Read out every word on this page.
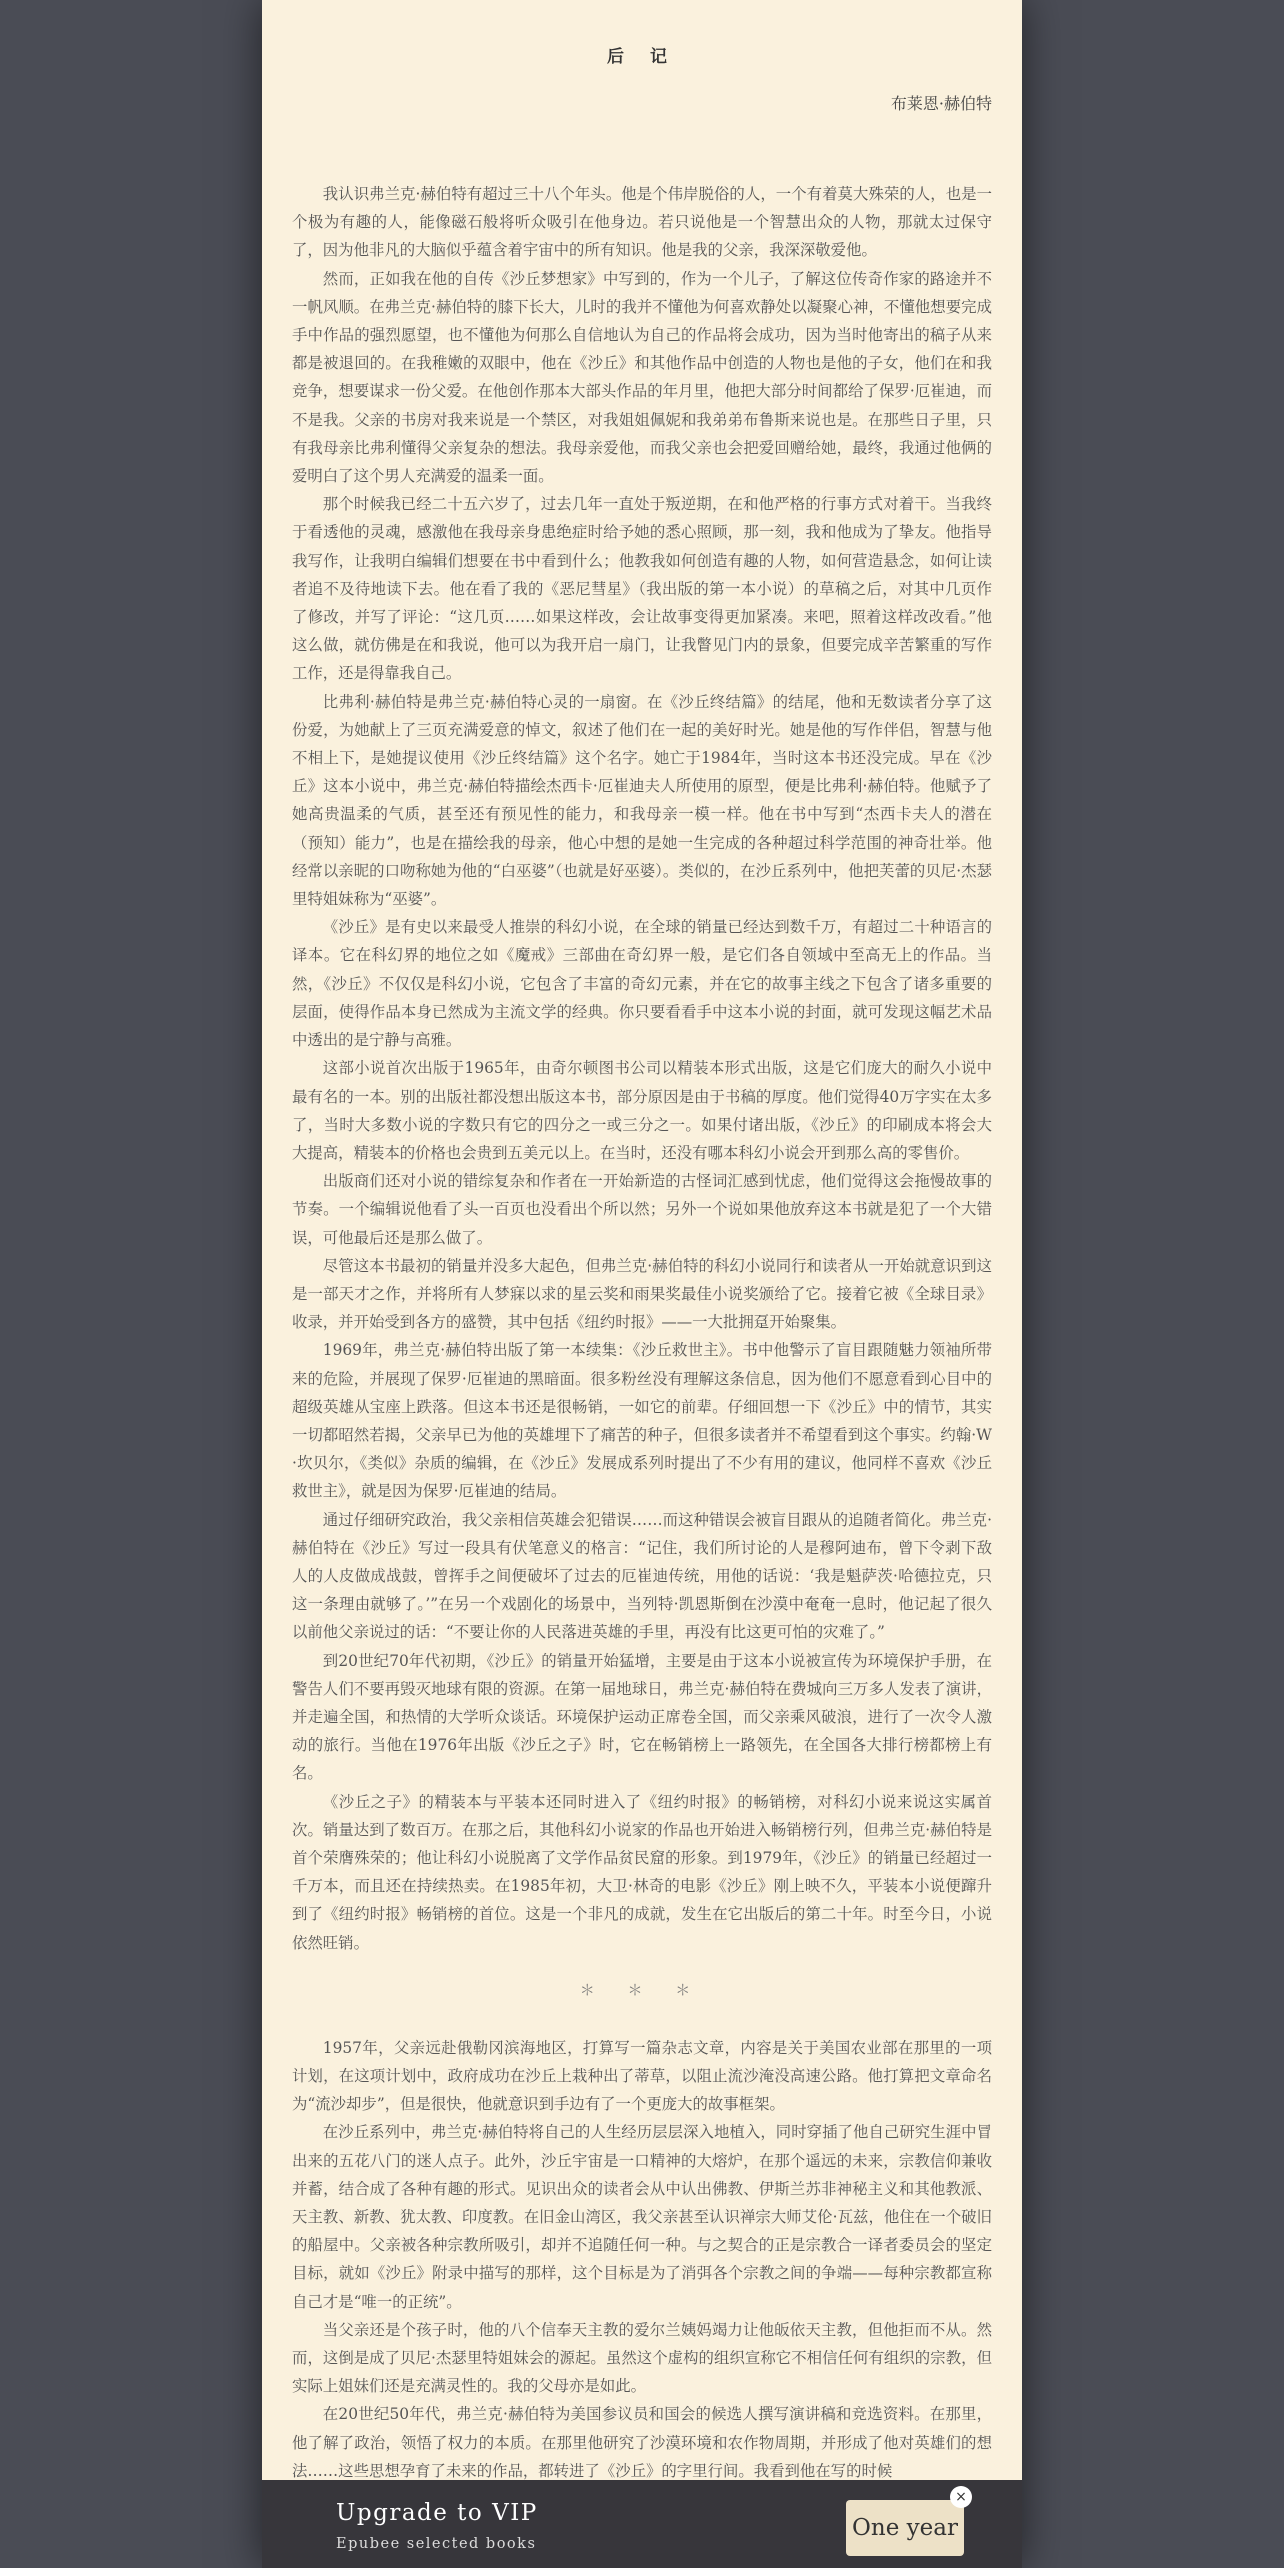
后 记
布莱恩·赫伯特

我认识弗兰克·赫伯特有超过三十八个年头。他是个伟岸脱俗的人，一个有着莫大殊荣的人，也是一个极为有趣的人，能像磁石般将听众吸引在他身边。若只说他是一个智慧出众的人物，那就太过保守了，因为他非凡的大脑似乎蕴含着宇宙中的所有知识。他是我的父亲，我深深敬爱他。

然而，正如我在他的自传《沙丘梦想家》中写到的，作为一个儿子，了解这位传奇作家的路途并不一帆风顺。在弗兰克·赫伯特的膝下长大，儿时的我并不懂他为何喜欢静处以凝聚心神，不懂他想要完成手中作品的强烈愿望，也不懂他为何那么自信地认为自己的作品将会成功，因为当时他寄出的稿子从来都是被退回的。在我稚嫩的双眼中，他在《沙丘》和其他作品中创造的人物也是他的子女，他们在和我竞争，想要谋求一份父爱。在他创作那本大部头作品的年月里，他把大部分时间都给了保罗·厄崔迪，而不是我。父亲的书房对我来说是一个禁区，对我姐姐佩妮和我弟弟布鲁斯来说也是。在那些日子里，只有我母亲比弗利懂得父亲复杂的想法。我母亲爱他，而我父亲也会把爱回赠给她，最终，我通过他俩的爱明白了这个男人充满爱的温柔一面。

那个时候我已经二十五六岁了，过去几年一直处于叛逆期，在和他严格的行事方式对着干。当我终于看透他的灵魂，感激他在我母亲身患绝症时给予她的悉心照顾，那一刻，我和他成为了挚友。他指导我写作，让我明白编辑们想要在书中看到什么；他教我如何创造有趣的人物，如何营造悬念，如何让读者追不及待地读下去。他在看了我的《恶尼彗星》（我出版的第一本小说）的草稿之后，对其中几页作了修改，并写了评论：“这几页……如果这样改，会让故事变得更加紧凑。来吧，照着这样改改看。”他这么做，就仿佛是在和我说，他可以为我开启一扇门，让我瞥见门内的景象，但要完成辛苦繁重的写作工作，还是得靠我自己。

比弗利·赫伯特是弗兰克·赫伯特心灵的一扇窗。在《沙丘终结篇》的结尾，他和无数读者分享了这份爱，为她献上了三页充满爱意的悼文，叙述了他们在一起的美好时光。她是他的写作伴侣，智慧与他不相上下，是她提议使用《沙丘终结篇》这个名字。她亡于1984年，当时这本书还没完成。早在《沙丘》这本小说中，弗兰克·赫伯特描绘杰西卡·厄崔迪夫人所使用的原型，便是比弗利·赫伯特。他赋予了她高贵温柔的气质，甚至还有预见性的能力，和我母亲一模一样。他在书中写到“杰西卡夫人的潜在（预知）能力”，也是在描绘我的母亲，他心中想的是她一生完成的各种超过科学范围的神奇壮举。他经常以亲昵的口吻称她为他的“白巫婆”（也就是好巫婆）。类似的，在沙丘系列中，他把芙蕾的贝尼·杰瑟里特姐妹称为“巫婆”。

《沙丘》是有史以来最受人推崇的科幻小说，在全球的销量已经达到数千万，有超过二十种语言的译本。它在科幻界的地位之如《魔戒》三部曲在奇幻界一般，是它们各自领域中至高无上的作品。当然，《沙丘》不仅仅是科幻小说，它包含了丰富的奇幻元素，并在它的故事主线之下包含了诸多重要的层面，使得作品本身已然成为主流文学的经典。你只要看看手中这本小说的封面，就可发现这幅艺术品中透出的是宁静与高雅。

这部小说首次出版于1965年，由奇尔顿图书公司以精装本形式出版，这是它们庞大的耐久小说中最有名的一本。别的出版社都没想出版这本书，部分原因是由于书稿的厚度。他们觉得40万字实在太多了，当时大多数小说的字数只有它的四分之一或三分之一。如果付诸出版，《沙丘》的印刷成本将会大大提高，精装本的价格也会贵到五美元以上。在当时，还没有哪本科幻小说会开到那么高的零售价。

出版商们还对小说的错综复杂和作者在一开始新造的古怪词汇感到忧虑，他们觉得这会拖慢故事的节奏。一个编辑说他看了头一百页也没看出个所以然；另外一个说如果他放弃这本书就是犯了一个大错误，可他最后还是那么做了。

尽管这本书最初的销量并没多大起色，但弗兰克·赫伯特的科幻小说同行和读者从一开始就意识到这是一部天才之作，并将所有人梦寐以求的星云奖和雨果奖最佳小说奖颁给了它。接着它被《全球目录》收录，并开始受到各方的盛赞，其中包括《纽约时报》——一大批拥趸开始聚集。

1969年，弗兰克·赫伯特出版了第一本续集：《沙丘救世主》。书中他警示了盲目跟随魅力领袖所带来的危险，并展现了保罗·厄崔迪的黑暗面。很多粉丝没有理解这条信息，因为他们不愿意看到心目中的超级英雄从宝座上跌落。但这本书还是很畅销，一如它的前辈。仔细回想一下《沙丘》中的情节，其实一切都昭然若揭，父亲早已为他的英雄埋下了痛苦的种子，但很多读者并不希望看到这个事实。约翰·W·坎贝尔，《类似》杂质的编辑，在《沙丘》发展成系列时提出了不少有用的建议，他同样不喜欢《沙丘救世主》，就是因为保罗·厄崔迪的结局。

通过仔细研究政治，我父亲相信英雄会犯错误……而这种错误会被盲目跟从的追随者简化。弗兰克·赫伯特在《沙丘》写过一段具有伏笔意义的格言：“记住，我们所讨论的人是穆阿迪布，曾下令剥下敌人的人皮做成战鼓，曾挥手之间便破坏了过去的厄崔迪传统，用他的话说：‘我是魁萨茨·哈德拉克，只这一条理由就够了。’”在另一个戏剧化的场景中，当列特·凯恩斯倒在沙漠中奄奄一息时，他记起了很久以前他父亲说过的话：“不要让你的人民落进英雄的手里，再没有比这更可怕的灾难了。”

到20世纪70年代初期，《沙丘》的销量开始猛增，主要是由于这本小说被宣传为环境保护手册，在警告人们不要再毁灭地球有限的资源。在第一届地球日，弗兰克·赫伯特在费城向三万多人发表了演讲，并走遍全国，和热情的大学听众谈话。环境保护运动正席卷全国，而父亲乘风破浪，进行了一次令人激动的旅行。当他在1976年出版《沙丘之子》时，它在畅销榜上一路领先，在全国各大排行榜都榜上有名。

《沙丘之子》的精装本与平装本还同时进入了《纽约时报》的畅销榜，对科幻小说来说这实属首次。销量达到了数百万。在那之后，其他科幻小说家的作品也开始进入畅销榜行列，但弗兰克·赫伯特是首个荣膺殊荣的；他让科幻小说脱离了文学作品贫民窟的形象。到1979年，《沙丘》的销量已经超过一千万本，而且还在持续热卖。在1985年初，大卫·林奇的电影《沙丘》刚上映不久，平装本小说便蹿升到了《纽约时报》畅销榜的首位。这是一个非凡的成就，发生在它出版后的第二十年。时至今日，小说依然旺销。

＊ ＊ ＊

1957年，父亲远赴俄勒冈滨海地区，打算写一篇杂志文章，内容是关于美国农业部在那里的一项计划，在这项计划中，政府成功在沙丘上栽种出了蒂草，以阻止流沙淹没高速公路。他打算把文章命名为“流沙却步”，但是很快，他就意识到手边有了一个更庞大的故事框架。

在沙丘系列中，弗兰克·赫伯特将自己的人生经历层层深入地植入，同时穿插了他自己研究生涯中冒出来的五花八门的迷人点子。此外，沙丘宇宙是一口精神的大熔炉，在那个遥远的未来，宗教信仰兼收并蓄，结合成了各种有趣的形式。见识出众的读者会从中认出佛教、伊斯兰苏非神秘主义和其他教派、天主教、新教、犹太教、印度教。在旧金山湾区，我父亲甚至认识禅宗大师艾伦·瓦兹，他住在一个破旧的船屋中。父亲被各种宗教所吸引，却并不追随任何一种。与之契合的正是宗教合一译者委员会的坚定目标，就如《沙丘》附录中描写的那样，这个目标是为了消弭各个宗教之间的争端——每种宗教都宣称自己才是“唯一的正统”。

当父亲还是个孩子时，他的八个信奉天主教的爱尔兰姨妈竭力让他皈依天主教，但他拒而不从。然而，这倒是成了贝尼·杰瑟里特姐妹会的源起。虽然这个虚构的组织宣称它不相信任何有组织的宗教，但实际上姐妹们还是充满灵性的。我的父母亦是如此。

在20世纪50年代，弗兰克·赫伯特为美国参议员和国会的候选人撰写演讲稿和竞选资料。在那里，他了解了政治，领悟了权力的本质。在那里他研究了沙漠环境和农作物周期，并形成了他对英雄们的想法……这些思想孕育了未来的作品，都转进了《沙丘》的字里行间。我看到他在写的时候

Upgrade to VIP
Epubee selected books
One year
×
